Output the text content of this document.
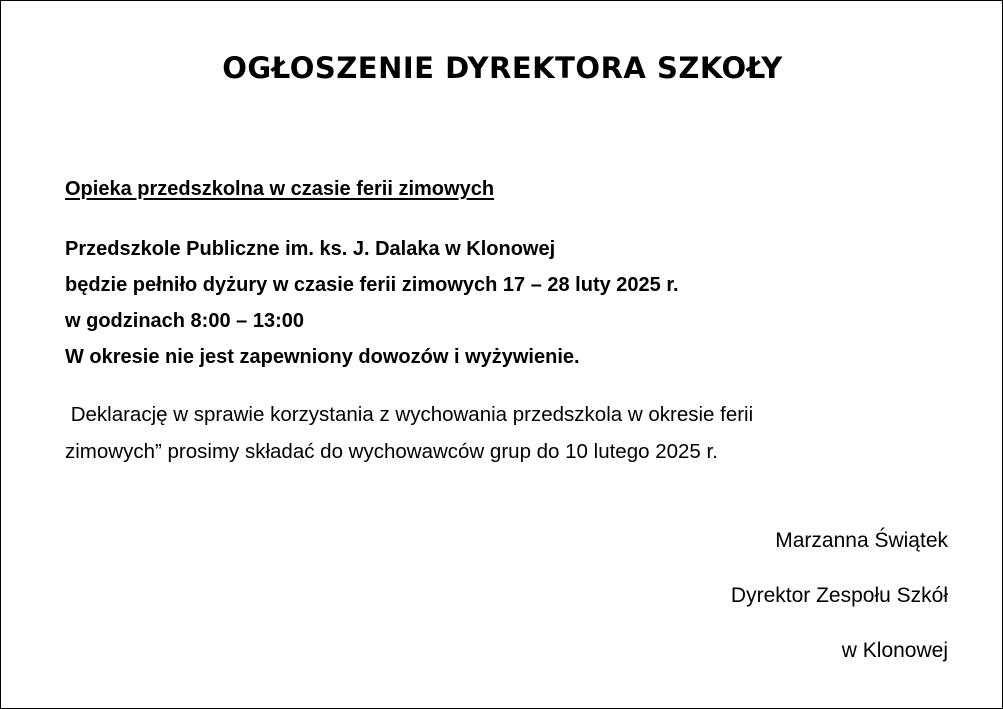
OGŁOSZENIE DYREKTORA SZKOŁY
Opieka przedszkolna w czasie ferii zimowych
Przedszkole Publiczne im. ks. J. Dalaka w Klonowej
będzie pełniło dyżury w czasie ferii zimowych 17 – 28 luty 2025 r.
w godzinach 8:00 – 13:00
W okresie nie jest zapewniony dowozów i wyżywienie.
Deklarację w sprawie korzystania z wychowania przedszkola w okresie ferii
zimowych” prosimy składać do wychowawców grup do 10 lutego 2025 r.
Marzanna Świątek
Dyrektor Zespołu Szkół
w Klonowej
